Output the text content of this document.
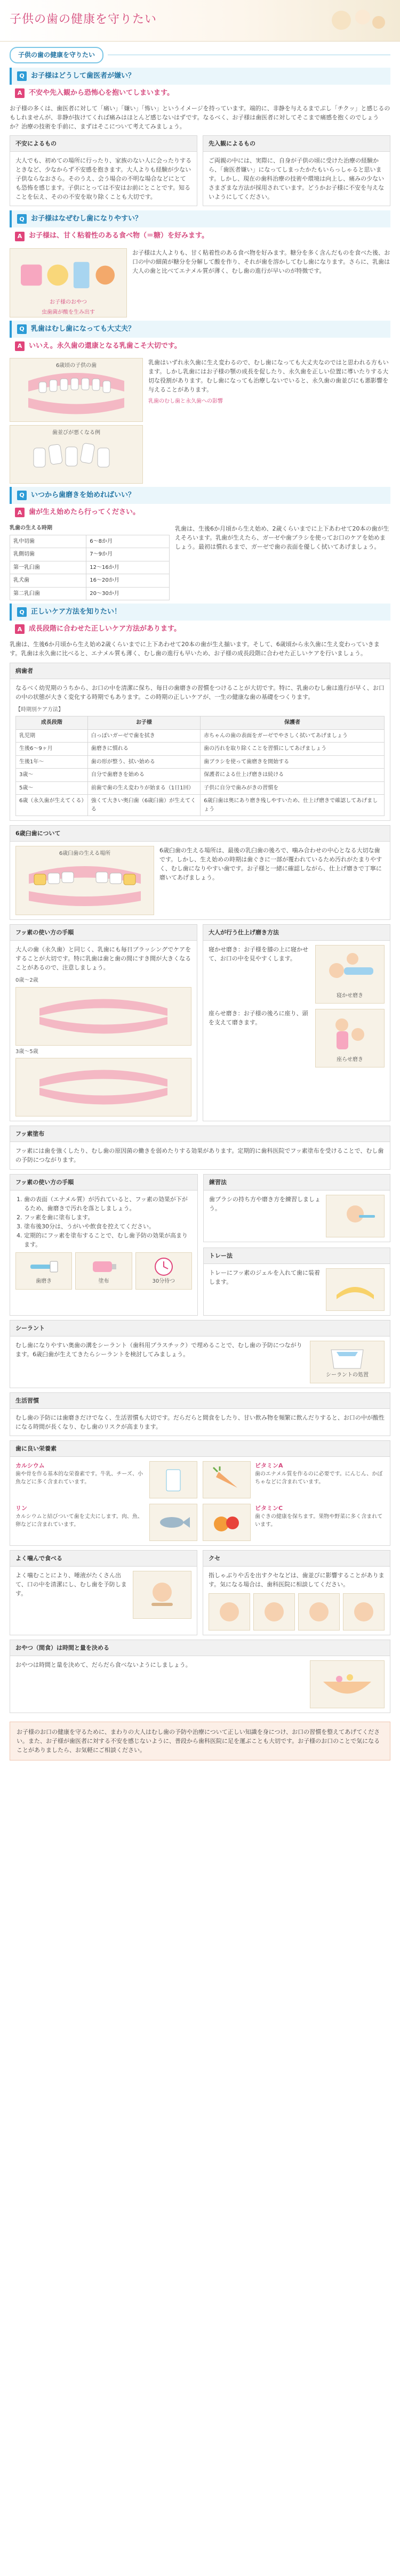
子供の歯の健康を守りたい
子供の歯の健康を守りたい
Q お子様はどうして歯医者が嫌い？
A 不安や先入観から恐怖心を抱いてしまいます。
お子様の多くは、歯医者に対して「痛い」「嫌い」「怖い」というイメージを持っています。端的に、非静を与えるまでぷし「チクッ」と感じるのもしれませんが、非静が抜けてくれば痛みはほとんど感じないはずです。なるべく、お子様は歯医者に対してそこまで痛感を抱くのでしょうか？治療の技術を手前に、まずはそこについて考えてみましょう。
不安によるもの
大人でも、初めての場所に行ったり、家族のない人に会ったりするときなど、少なからず不安感を抱きます。大人よりも経験が少ない子供ならなおさら。そのうえ、会う場合の不明な場合などにとても恐怖を感じます。子供にとっては不安はお前にとことです。知ることを伝え、そのの不安を取り除くことも大切です。
先入観によるもの
ご両親の中には、実際に、自身が子供の頃に受けた治療の経験から、「歯医者嫌い」になってしまったかたもいらっしゃると思います。しかし、現在の歯科治療の技術や環境は向上し、痛みの少ないさまざまな方法が採用されています。どうかお子様に不安を与えないようにしてください。
Q お子様はなぜむし歯になりやすい？
A お子様は、甘く粘着性のある食べ物（＝糖）を好みます。
お子様のおやつ
虫歯菌が酸を生み出す
お子様は大人よりも、甘く粘着性のある食べ物を好みます。糖分を多く含んだものを食べた後、お口の中の細菌が糖分を分解して酸を作り、それが歯を溶かしてむし歯になります。さらに、乳歯は大人の歯と比べてエナメル質が薄く、むし歯の進行が早いのが特徴です。
Q 乳歯はむし歯になっても大丈夫？
A いいえ。永久歯の還康となる乳歯こそ大切です。
6歳頃の子供の歯
歯並びが悪くなる例
乳歯はいずれ永久歯に生え変わるので、むし歯になっても大丈夫なのではと思われる方もいます。しかし乳歯にはお子様の顎の成長を促したり、永久歯を正しい位置に導いたりする大切な役割があります。むし歯になっても治療しないでいると、永久歯の歯並びにも悪影響を与えることがあります。
乳歯のむし歯と永久歯への影響
Q いつから歯磨きを始めればいい？
A 歯が生え始めたら行ってください。
乳歯の生える時期
乳中切歯	6〜8か月
乳側切歯	7〜9か月
第一乳臼歯	12〜16か月
乳犬歯	16〜20か月
第二乳臼歯	20〜30か月
乳歯は、生後6か月頃から生え始め、2歳くらいまでに上下あわせて20本の歯が生えそろいます。乳歯が生えたら、ガーゼや歯ブラシを使ってお口のケアを始めましょう。最初は慣れるまで、ガーゼで歯の表面を優しく拭いてあげましょう。
Q 正しいケア方法を知りたい！
A 成長段階に合わせた正しいケア方法があります。
乳歯は、生後6か月頃から生え始め2歳くらいまでに上下あわせて20本の歯が生え揃います。そして、6歳頃から永久歯に生え変わっていきます。乳歯は永久歯に比べると、エナメル質も薄く、むし歯の進行も早いため、お子様の成長段階に合わせた正しいケアを行いましょう。
病歯者
なるべく幼児期のうちから、お口の中を清潔に保ち、毎日の歯磨きの習慣をつけることが大切です。特に、乳歯のむし歯は進行が早く、お口の中の状態が大きく変化する時期でもあります。この時期の正しいケアが、一生の健康な歯の基礎をつくります。
【時期別ケア方法】
成長段階	お子様	保護者
乳児期	白っぽいガーゼで歯を拭き	赤ちゃんの歯の表面をガーゼでやさしく拭いてあげましょう
生後6〜9ヶ月	歯磨きに慣れる	歯の汚れを取り除くことを習慣にしてあげましょう
生後1年〜	歯の形が整う、拭い始める	歯ブラシを使って歯磨きを開始する
3歳〜	自分で歯磨きを始める	保護者による仕上げ磨きは続ける
5歳〜	前歯で歯の生え変わりが始まる（1日1回）	子供に自分で歯みがきの習慣を
6歳（永久歯が生えてくる）	強くて大きい奥臼歯（6歳臼歯）が生えてくる	6歳臼歯は奥にあり磨き残しやすいため、仕上げ磨きで確認してあげましょう
6歳臼歯について
6歳臼歯の生える場所	6歳臼歯の生える場所は、最後の乳臼歯の後ろで、噛み合わせの中心となる大切な歯です。しかし、生え始めの時期は歯ぐきに一部が覆われているため汚れがたまりやすく、むし歯になりやすい歯です。お子様と一緒に確認しながら、仕上げ磨きで丁寧に磨いてあげましょう。
フッ素の使い方の手順
大人の歯（永久歯）と同じく、乳歯にも毎日ブラッシングでケアをすることが大切です。特に乳歯は歯と歯の間にすき間が大きくなることがあるので、注意しましょう。
0歳〜2歳
3歳〜5歳
大人が行う仕上げ磨き方法
寝かせ磨き：お子様を膝の上に寝かせて、お口の中を見やすくします。
寝かせ磨き
座らせ磨き：お子様の後ろに座り、頭を支えて磨きます。
座らせ磨き
フッ素塗布
フッ素には歯を強くしたり、むし歯の原因菌の働きを弱めたりする効果があります。定期的に歯科医院でフッ素塗布を受けることで、むし歯の予防につながります。
フッ素の使い方の手順
1. 歯の表面（エナメル質）が汚れていると、フッ素の効果が下がるため、歯磨きで汚れを落としましょう。
2. フッ素を歯に塗布します。
3. 塗布後30分は、うがいや飲食を控えてください。
4. 定期的にフッ素を塗布することで、むし歯予防の効果が高まります。
歯磨き	塗布	30分待つ
練習法
歯ブラシの持ち方や磨き方を練習しましょう。
トレー法
トレーにフッ素のジェルを入れて歯に装着します。
シーラント
むし歯になりやすい奥歯の溝をシーラント（歯科用プラスチック）で埋めることで、むし歯の予防につながります。6歳臼歯が生えてきたらシーラントを検討してみましょう。
シーラントの処置
生活習慣
むし歯の予防には歯磨きだけでなく、生活習慣も大切です。だらだらと間食をしたり、甘い飲み物を頻繁に飲んだりすると、お口の中が酸性になる時間が長くなり、むし歯のリスクが高まります。
歯に良い栄養素
カルシウム
歯や骨を作る基本的な栄養素です。牛乳、チーズ、小魚などに多く含まれています。
ビタミンA
歯のエナメル質を作るのに必要です。にんじん、かぼちゃなどに含まれています。
リン
カルシウムと結びついて歯を丈夫にします。肉、魚、卵などに含まれています。
ビタミンC
歯ぐきの健康を保ちます。果物や野菜に多く含まれています。
よく噛んで食べる
よく噛むことにより、唾液がたくさん出て、口の中を清潔にし、むし歯を予防します。
クセ
指しゃぶりや舌を出すクセなどは、歯並びに影響することがあります。気になる場合は、歯科医院に相談してください。
おやつ（間食）は時間と量を決める
おやつは時間と量を決めて、だらだら食べないようにしましょう。
お子様のお口の健康を守るために、まわりの大人はむし歯の予防や治療について正しい知識を身につけ、お口の習慣を整えてあげてください。また、お子様が歯医者に対する不安を感じないように、普段から歯科医院に足を運ぶことも大切です。お子様のお口のことで気になることがありましたら、お気軽にご相談ください。
